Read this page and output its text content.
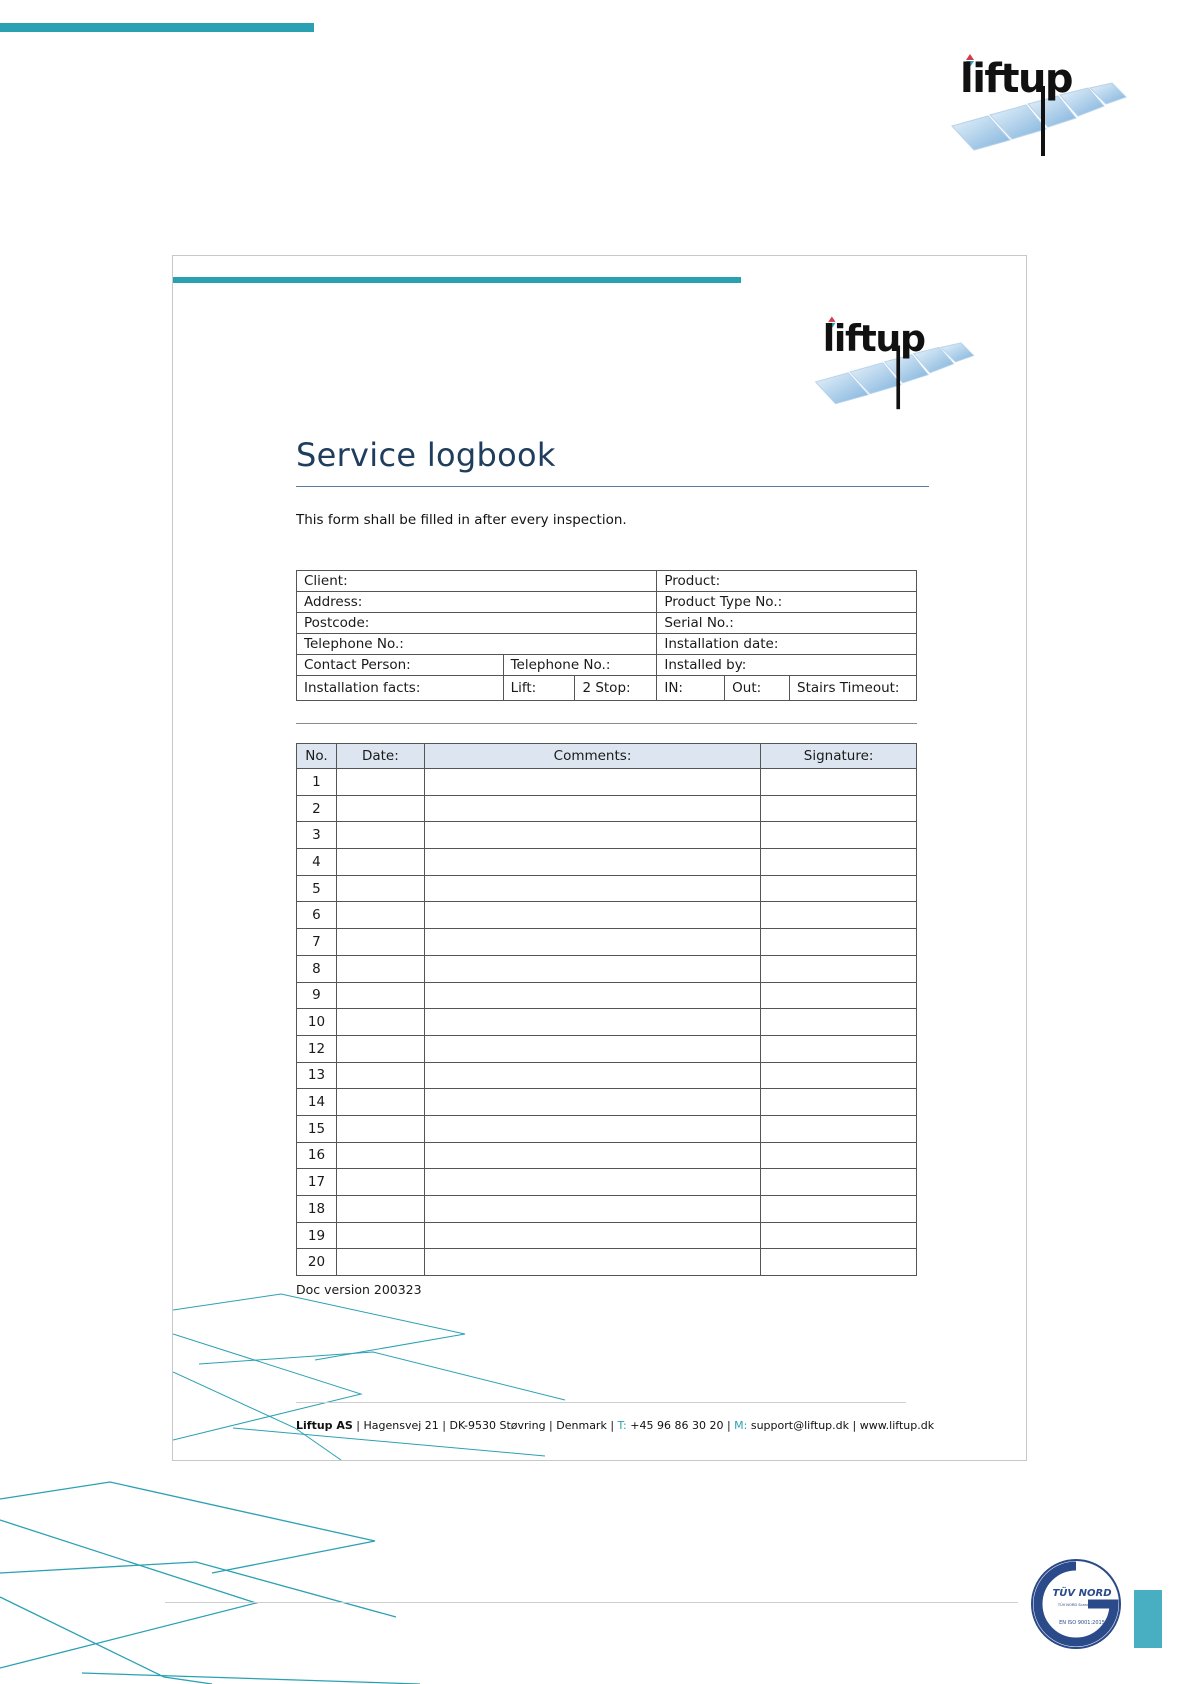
liftup
liftup
Service logbook
This form shall be filled in after every inspection.
Client:			Product:		
Address:			Product Type No.:		
Postcode:			Serial No.:		
Telephone No.:			Installation date:		
Contact Person:	Telephone No.:		Installed by:		
Installation facts:	Lift:	2 Stop:	IN:	Out:	Stairs Timeout:
No.	Date:	Comments:	Signature:
1			
2			
3			
4			
5			
6			
7			
8			
9			
10			
12			
13			
14			
15			
16			
17			
18			
19			
20			
Doc version 200323
Liftup AS | Hagensvej 21 | DK-9530 Støvring | Denmark | T: +45 96 86 30 20 | M: support@liftup.dk | www.liftup.dk
TÜV NORD
TÜV NORD Scandinavia AB
EN ISO 9001:2015
